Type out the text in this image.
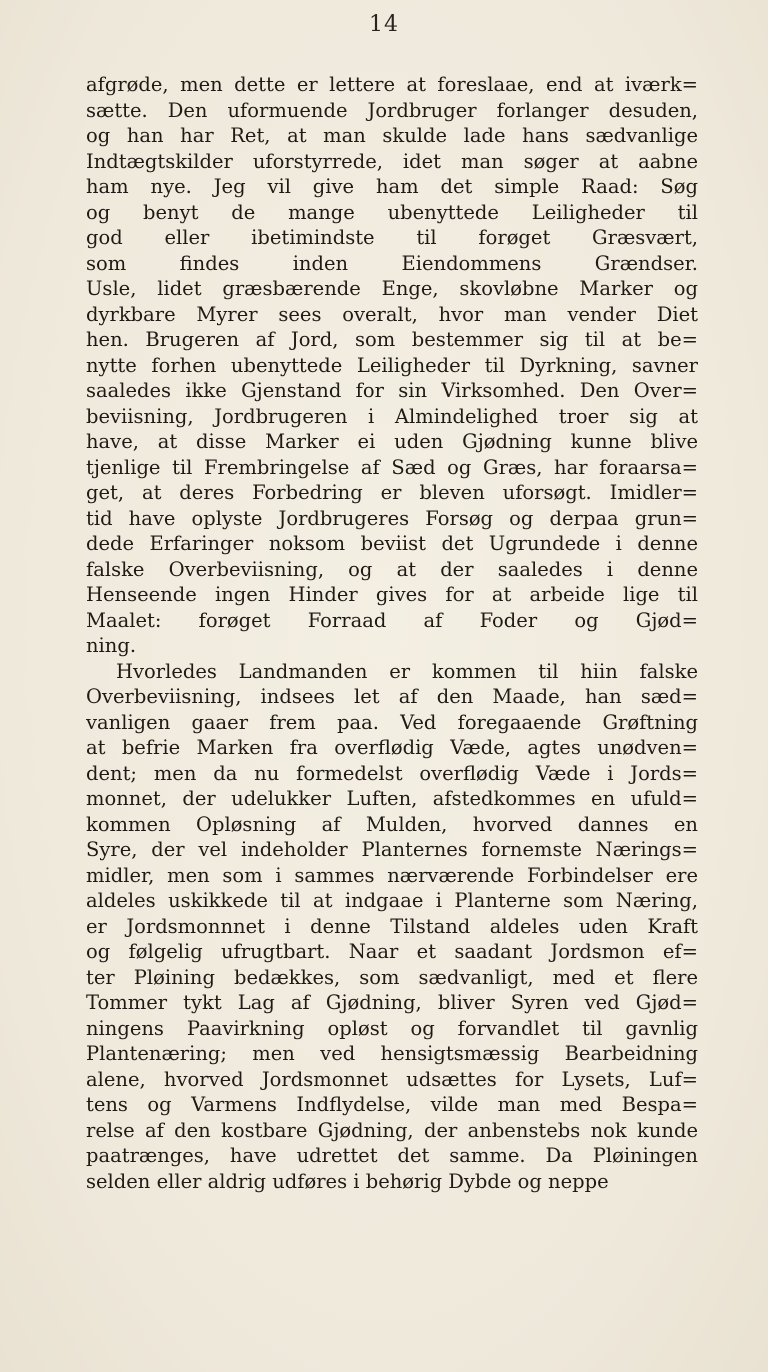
14
afgrøde, men dette er lettere at foreslaae, end at iværk=
sætte. Den uformuende Jordbruger forlanger desuden,
og han har Ret, at man skulde lade hans sædvanlige
Indtægtskilder uforstyrrede, idet man søger at aabne
ham nye. Jeg vil give ham det simple Raad: Søg
og benyt de mange ubenyttede Leiligheder til
god eller ibetimindste til forøget Græsvært,
som findes inden Eiendommens Grændser.
Usle, lidet græsbærende Enge, skovløbne Marker og
dyrkbare Myrer sees overalt, hvor man vender Diet
hen. Brugeren af Jord, som bestemmer sig til at be=
nytte forhen ubenyttede Leiligheder til Dyrkning, savner
saaledes ikke Gjenstand for sin Virksomhed. Den Over=
beviisning, Jordbrugeren i Almindelighed troer sig at
have, at disse Marker ei uden Gjødning kunne blive
tjenlige til Frembringelse af Sæd og Græs, har foraarsa=
get, at deres Forbedring er bleven uforsøgt. Imidler=
tid have oplyste Jordbrugeres Forsøg og derpaa grun=
dede Erfaringer noksom beviist det Ugrundede i denne
falske Overbeviisning, og at der saaledes i denne
Henseende ingen Hinder gives for at arbeide lige til
Maalet: forøget Forraad af Foder og Gjød=
ning.
Hvorledes Landmanden er kommen til hiin falske
Overbeviisning, indsees let af den Maade, han sæd=
vanligen gaaer frem paa. Ved foregaaende Grøftning
at befrie Marken fra overflødig Væde, agtes unødven=
dent; men da nu formedelst overflødig Væde i Jords=
monnet, der udelukker Luften, afstedkommes en ufuld=
kommen Opløsning af Mulden, hvorved dannes en
Syre, der vel indeholder Planternes fornemste Nærings=
midler, men som i sammes nærværende Forbindelser ere
aldeles uskikkede til at indgaae i Planterne som Næring,
er Jordsmonnnet i denne Tilstand aldeles uden Kraft
og følgelig ufrugtbart. Naar et saadant Jordsmon ef=
ter Pløining bedækkes, som sædvanligt, med et flere
Tommer tykt Lag af Gjødning, bliver Syren ved Gjød=
ningens Paavirkning opløst og forvandlet til gavnlig
Plantenæring; men ved hensigtsmæssig Bearbeidning
alene, hvorved Jordsmonnet udsættes for Lysets, Luf=
tens og Varmens Indflydelse, vilde man med Bespa=
relse af den kostbare Gjødning, der anbenstebs nok kunde
paatrænges, have udrettet det samme. Da Pløiningen
selden eller aldrig udføres i behørig Dybde og neppe
